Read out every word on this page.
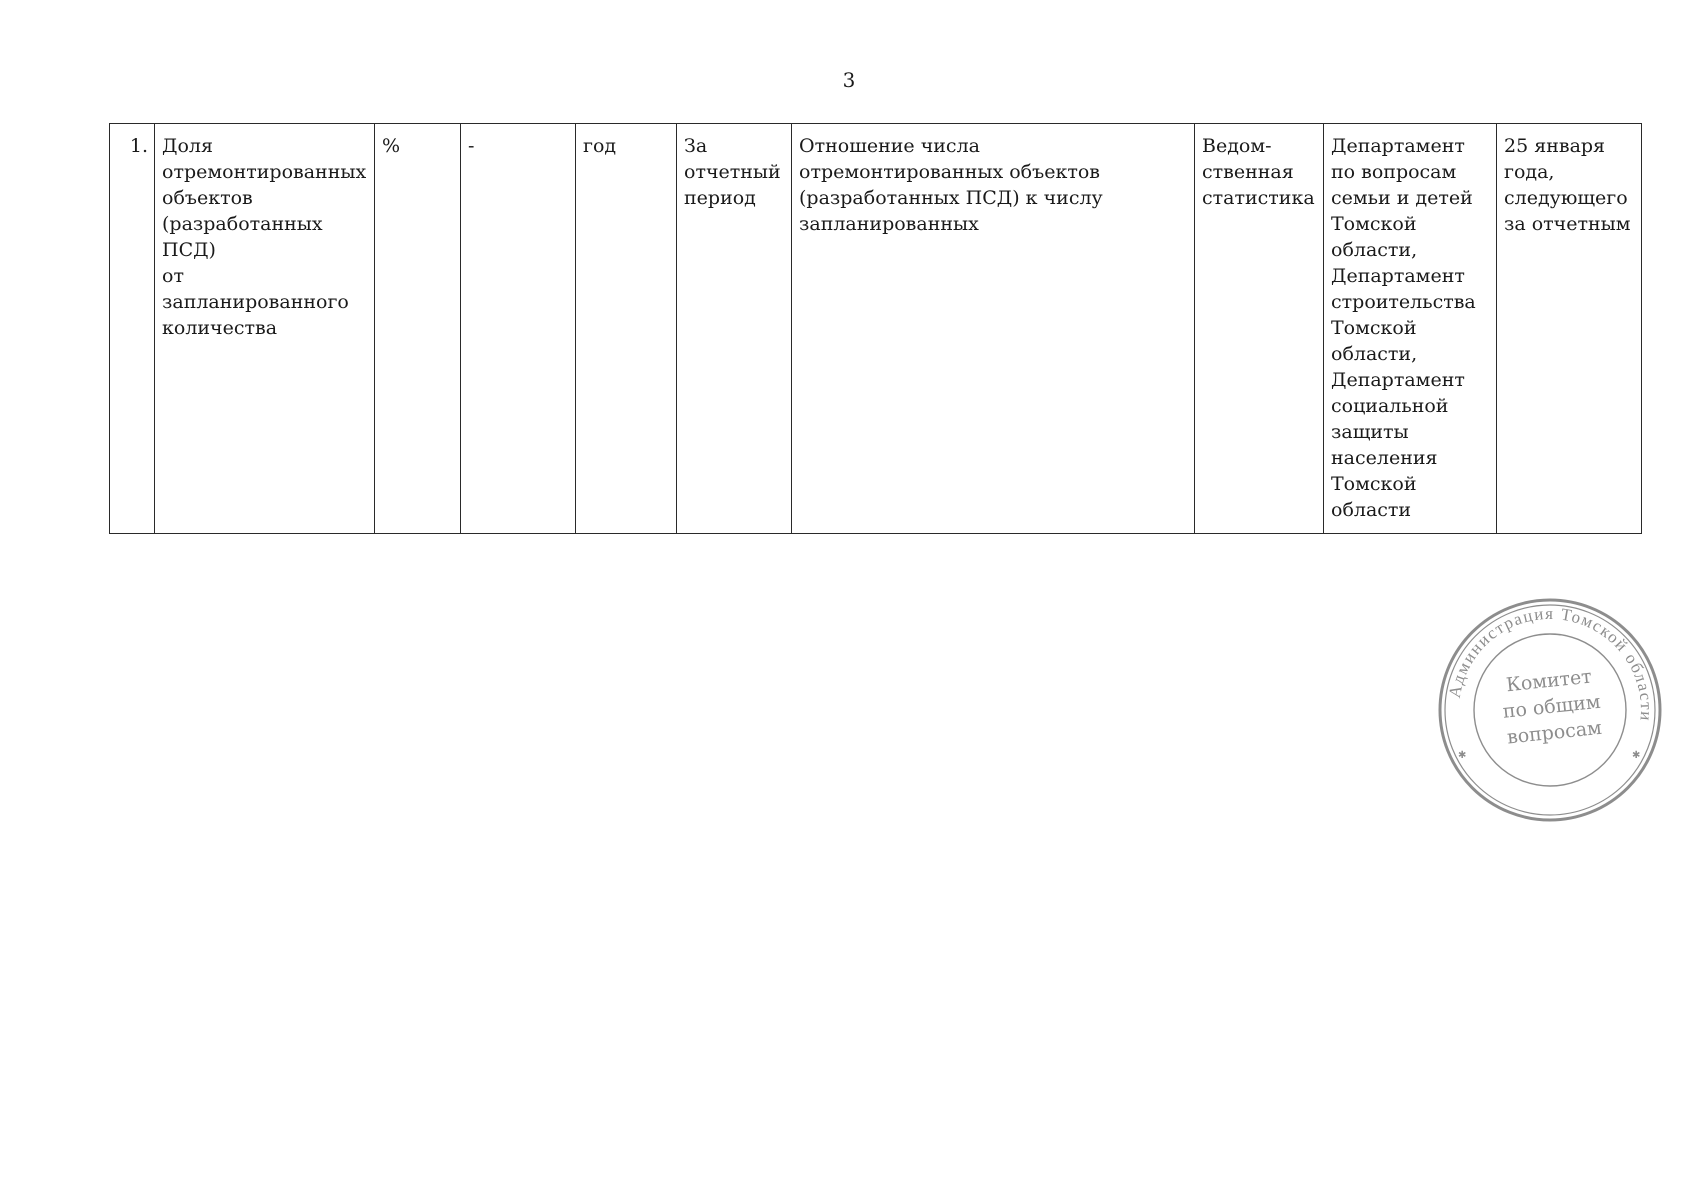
3
1.	Доля
отремонтированных
объектов
(разработанных
ПСД)
от запланированного
количества	%	-	год	За
отчетный
период	Отношение числа отремонтированных объектов (разработанных ПСД) к числу запланированных	Ведом-
ственная
статистика	Департамент
по вопросам
семьи и детей
Томской
области,
Департамент
строительства
Томской
области,
Департамент
социальной
защиты
населения
Томской
области	25 января
года,
следующего
за отчетным
Администрация Томской области
✱	✱
Комитет
по общим
вопросам
